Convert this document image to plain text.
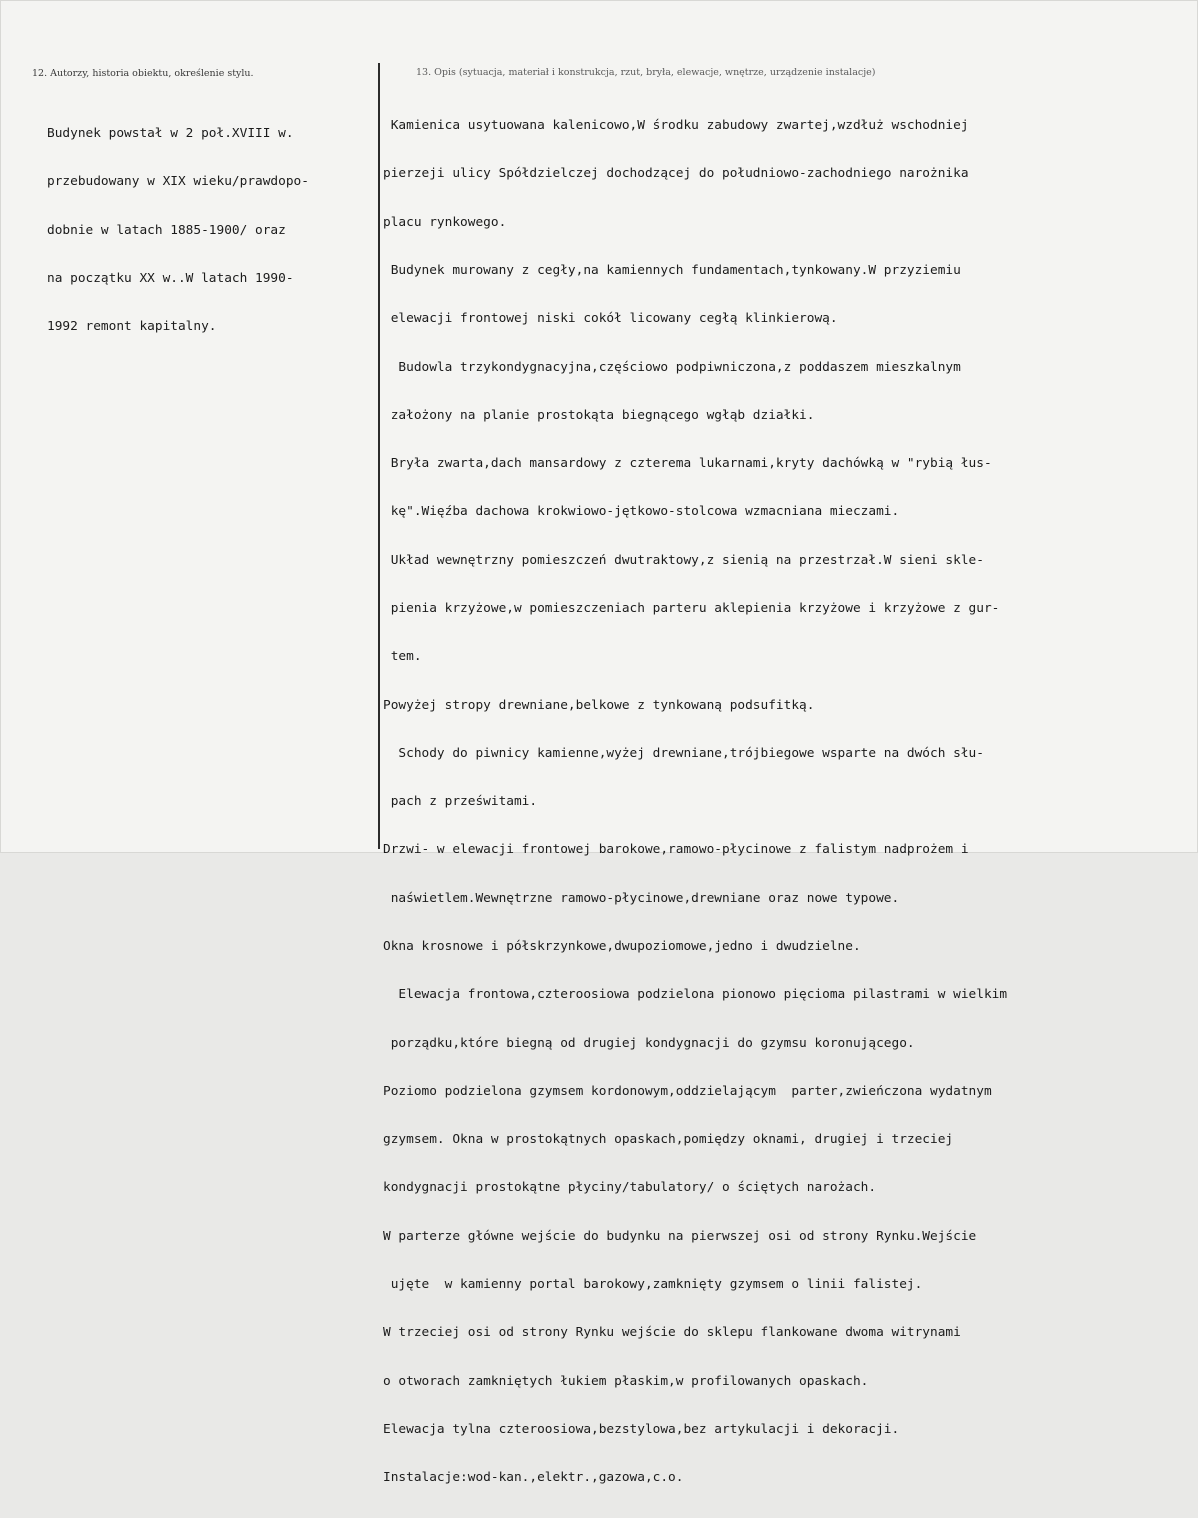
12. Autorzy, historia obiektu, określenie stylu.	13. Opis (sytuacja, materiał i konstrukcja, rzut, bryła, elewacje, wnętrze, urządzenie instalacje)

Budynek powstał w 2 poł.XVIII w.

przebudowany w XIX wieku/prawdopo-

dobnie w latach 1885-1900/ oraz

na początku XX w..W latach 1990-

1992 remont kapitalny.

Kamienica usytuowana kalenicowo,W środku zabudowy zwartej,wzdłuż wschodniej

pierzeji ulicy Spółdzielczej dochodzącej do południowo-zachodniego narożnika

placu rynkowego.

Budynek murowany z cegły,na kamiennych fundamentach,tynkowany.W przyziemiu

elewacji frontowej niski cokół licowany cegłą klinkierową.

Budowla trzykondygnacyjna,częściowo podpiwniczona,z poddaszem mieszkalnym

założony na planie prostokąta biegnącego wgłąb działki.

Bryła zwarta,dach mansardowy z czterema lukarnami,kryty dachówką w "rybią łus-

kę".Więźba dachowa krokwiowo-jętkowo-stolcowa wzmacniana mieczami.

Układ wewnętrzny pomieszczeń dwutraktowy,z sienią na przestrzał.W sieni skle-

pienia krzyżowe,w pomieszczeniach parteru aklepienia krzyżowe i krzyżowe z gur-

tem.

Powyżej stropy drewniane,belkowe z tynkowaną podsufitką.

Schody do piwnicy kamienne,wyżej drewniane,trójbiegowe wsparte na dwóch słu-

pach z prześwitami.

Drzwi- w elewacji frontowej barokowe,ramowo-płycinowe z falistym nadprożem i

naświetlem.Wewnętrzne ramowo-płycinowe,drewniane oraz nowe typowe.

Okna krosnowe i półskrzynkowe,dwupoziomowe,jedno i dwudzielne.

Elewacja frontowa,czteroosiowa podzielona pionowo pięcioma pilastrami w wielkim

porządku,które biegną od drugiej kondygnacji do gzymsu koronującego.

Poziomo podzielona gzymsem kordonowym,oddzielającym  parter,zwieńczona wydatnym

gzymsem. Okna w prostokątnych opaskach,pomiędzy oknami, drugiej i trzeciej

kondygnacji prostokątne płyciny/tabulatory/ o ściętych narożach.

W parterze główne wejście do budynku na pierwszej osi od strony Rynku.Wejście

ujęte  w kamienny portal barokowy,zamknięty gzymsem o linii falistej.

W trzeciej osi od strony Rynku wejście do sklepu flankowane dwoma witrynami

o otworach zamkniętych łukiem płaskim,w profilowanych opaskach.

Elewacja tylna czteroosiowa,bezstylowa,bez artykulacji i dekoracji.

Instalacje:wod-kan.,elektr.,gazowa,c.o.
